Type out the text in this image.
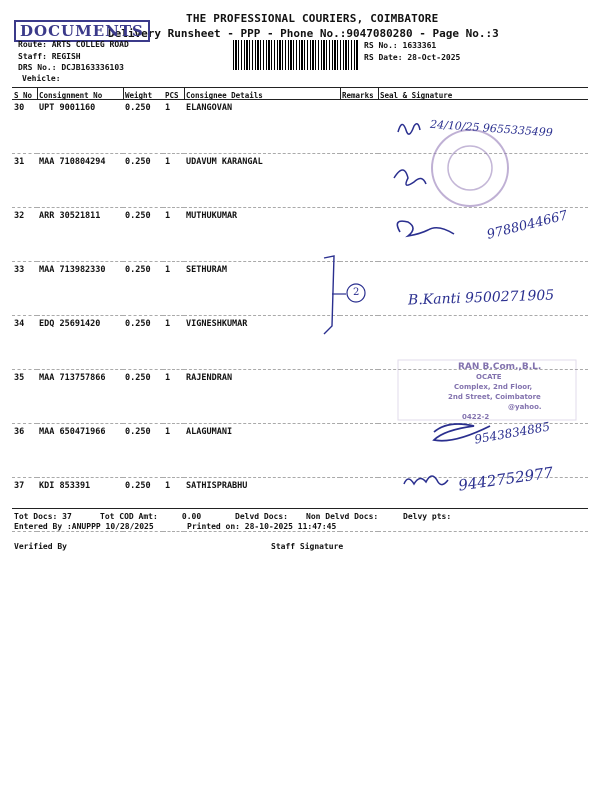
THE PROFESSIONAL COURIERS, COIMBATORE
Delivery Runsheet - PPP - Phone No.:9047080280 - Page No.:3
DOCUMENTS
Route: ARTS COLLEG ROAD
Staff: REGISH
DRS No.: DCJB163336103
Vehicle:
RS No.: 1633361
RS Date: 28-Oct-2025
S No	Consignment No	Weight	PCS	Consignee Details	Remarks	Seal & Signature
30	UPT 9001160	0.250	1	ELANGOVAN		
31	MAA 710804294	0.250	1	UDAVUM KARANGAL		
32	ARR 30521811	0.250	1	MUTHUKUMAR		
33	MAA 713982330	0.250	1	SETHURAM		
34	EDQ 25691420	0.250	1	VIGNESHKUMAR		
35	MAA 713757866	0.250	1	RAJENDRAN		
36	MAA 650471966	0.250	1	ALAGUMANI		
37	KDI 853391	0.250	1	SATHISPRABHU		
24/10/25 9655335499
9788044667
2	B.Kanti 9500271905
9543834885
9442752977
RAN B.Com.,B.L.
OCATE
Complex, 2nd Floor,
2nd Street, Coimbatore
@yahoo.
0422-2
Tot Docs: 37	Tot COD Amt:     0.00	Delvd Docs: Non Delvd Docs:	Delvy pts:
Entered By :ANUPPP 10/28/2025	Printed on: 28-10-2025 11:47:45
Verified By	Staff Signature
